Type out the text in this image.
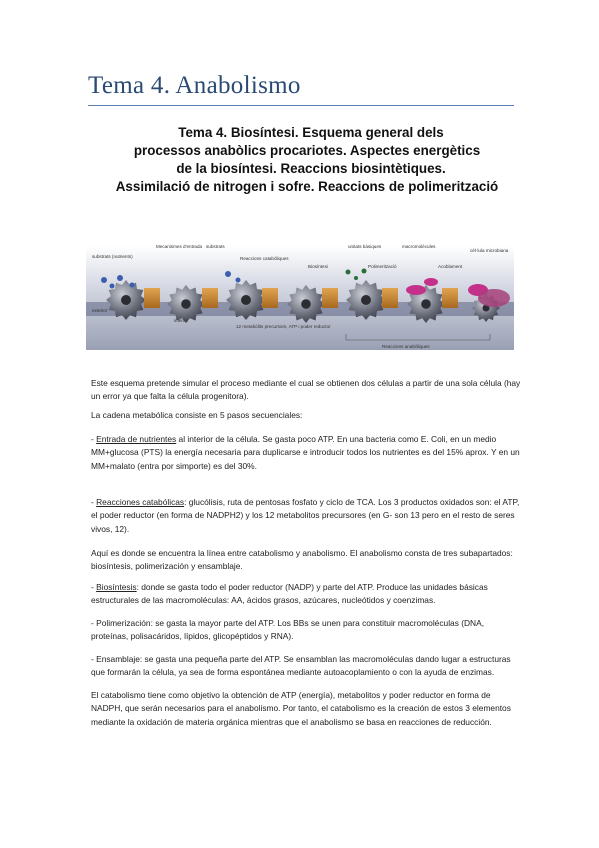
Tema 4. Anabolismo
Tema 4. Biosíntesi. Esquema general dels
processos anabòlics procariotes. Aspectes energètics
de la biosíntesi. Reaccions biosintètiques.
Assimilació de nitrogen i sofre. Reaccions de polimerització
substrats (nutrients)
exterior
Mecanismes d'entrada
interior
substrats
Reaccions catabòliques
12 metabòlits precursors, ATP i poder reductor
unitats bàsiques
Biosíntesi	Polimerització
macromolècules
Acoblament
cèl·lula microbiana
Reaccions anabòliques

Este esquema pretende simular el proceso mediante el cual se obtienen dos células a partir de una sola célula (hay un error ya que falta la célula progenitora).

La cadena metabólica consiste en 5 pasos secuenciales:

- Entrada de nutrientes al interior de la célula. Se gasta poco ATP. En una bacteria como E. Coli, en un medio MM+glucosa (PTS) la energía necesaria para duplicarse e introducir todos los nutrientes es del 15% aprox. Y en un MM+malato (entra por simporte) es del 30%.

- Reacciones catabólicas: glucólisis, ruta de pentosas fosfato y ciclo de TCA. Los 3 productos oxidados son: el ATP, el poder reductor (en forma de NADPH2) y los 12 metabolitos precursores (en G- son 13 pero en el resto de seres vivos, 12).

Aquí es donde se encuentra la línea entre catabolismo y anabolismo. El anabolismo consta de tres subapartados: biosíntesis, polimerización y ensamblaje.

- Biosíntesis: donde se gasta todo el poder reductor (NADP) y parte del ATP. Produce las unidades básicas estructurales de las macromoléculas: AA, ácidos grasos, azúcares, nucleótidos y coenzimas.

- Polimerización: se gasta la mayor parte del ATP. Los BBs se unen para constituir macromoléculas (DNA, proteínas, polisacáridos, lípidos, glicopéptidos y RNA).

- Ensamblaje: se gasta una pequeña parte del ATP. Se ensamblan las macromoléculas dando lugar a estructuras que formarán la célula, ya sea de forma espontánea mediante autoacoplamiento o con la ayuda de enzimas.

El catabolismo tiene como objetivo la obtención de ATP (energía), metabolitos y poder reductor en forma de NADPH, que serán necesarios para el anabolismo. Por tanto, el catabolismo es la creación de estos 3 elementos mediante la oxidación de materia orgánica mientras que el anabolismo se basa en reacciones de reducción.
